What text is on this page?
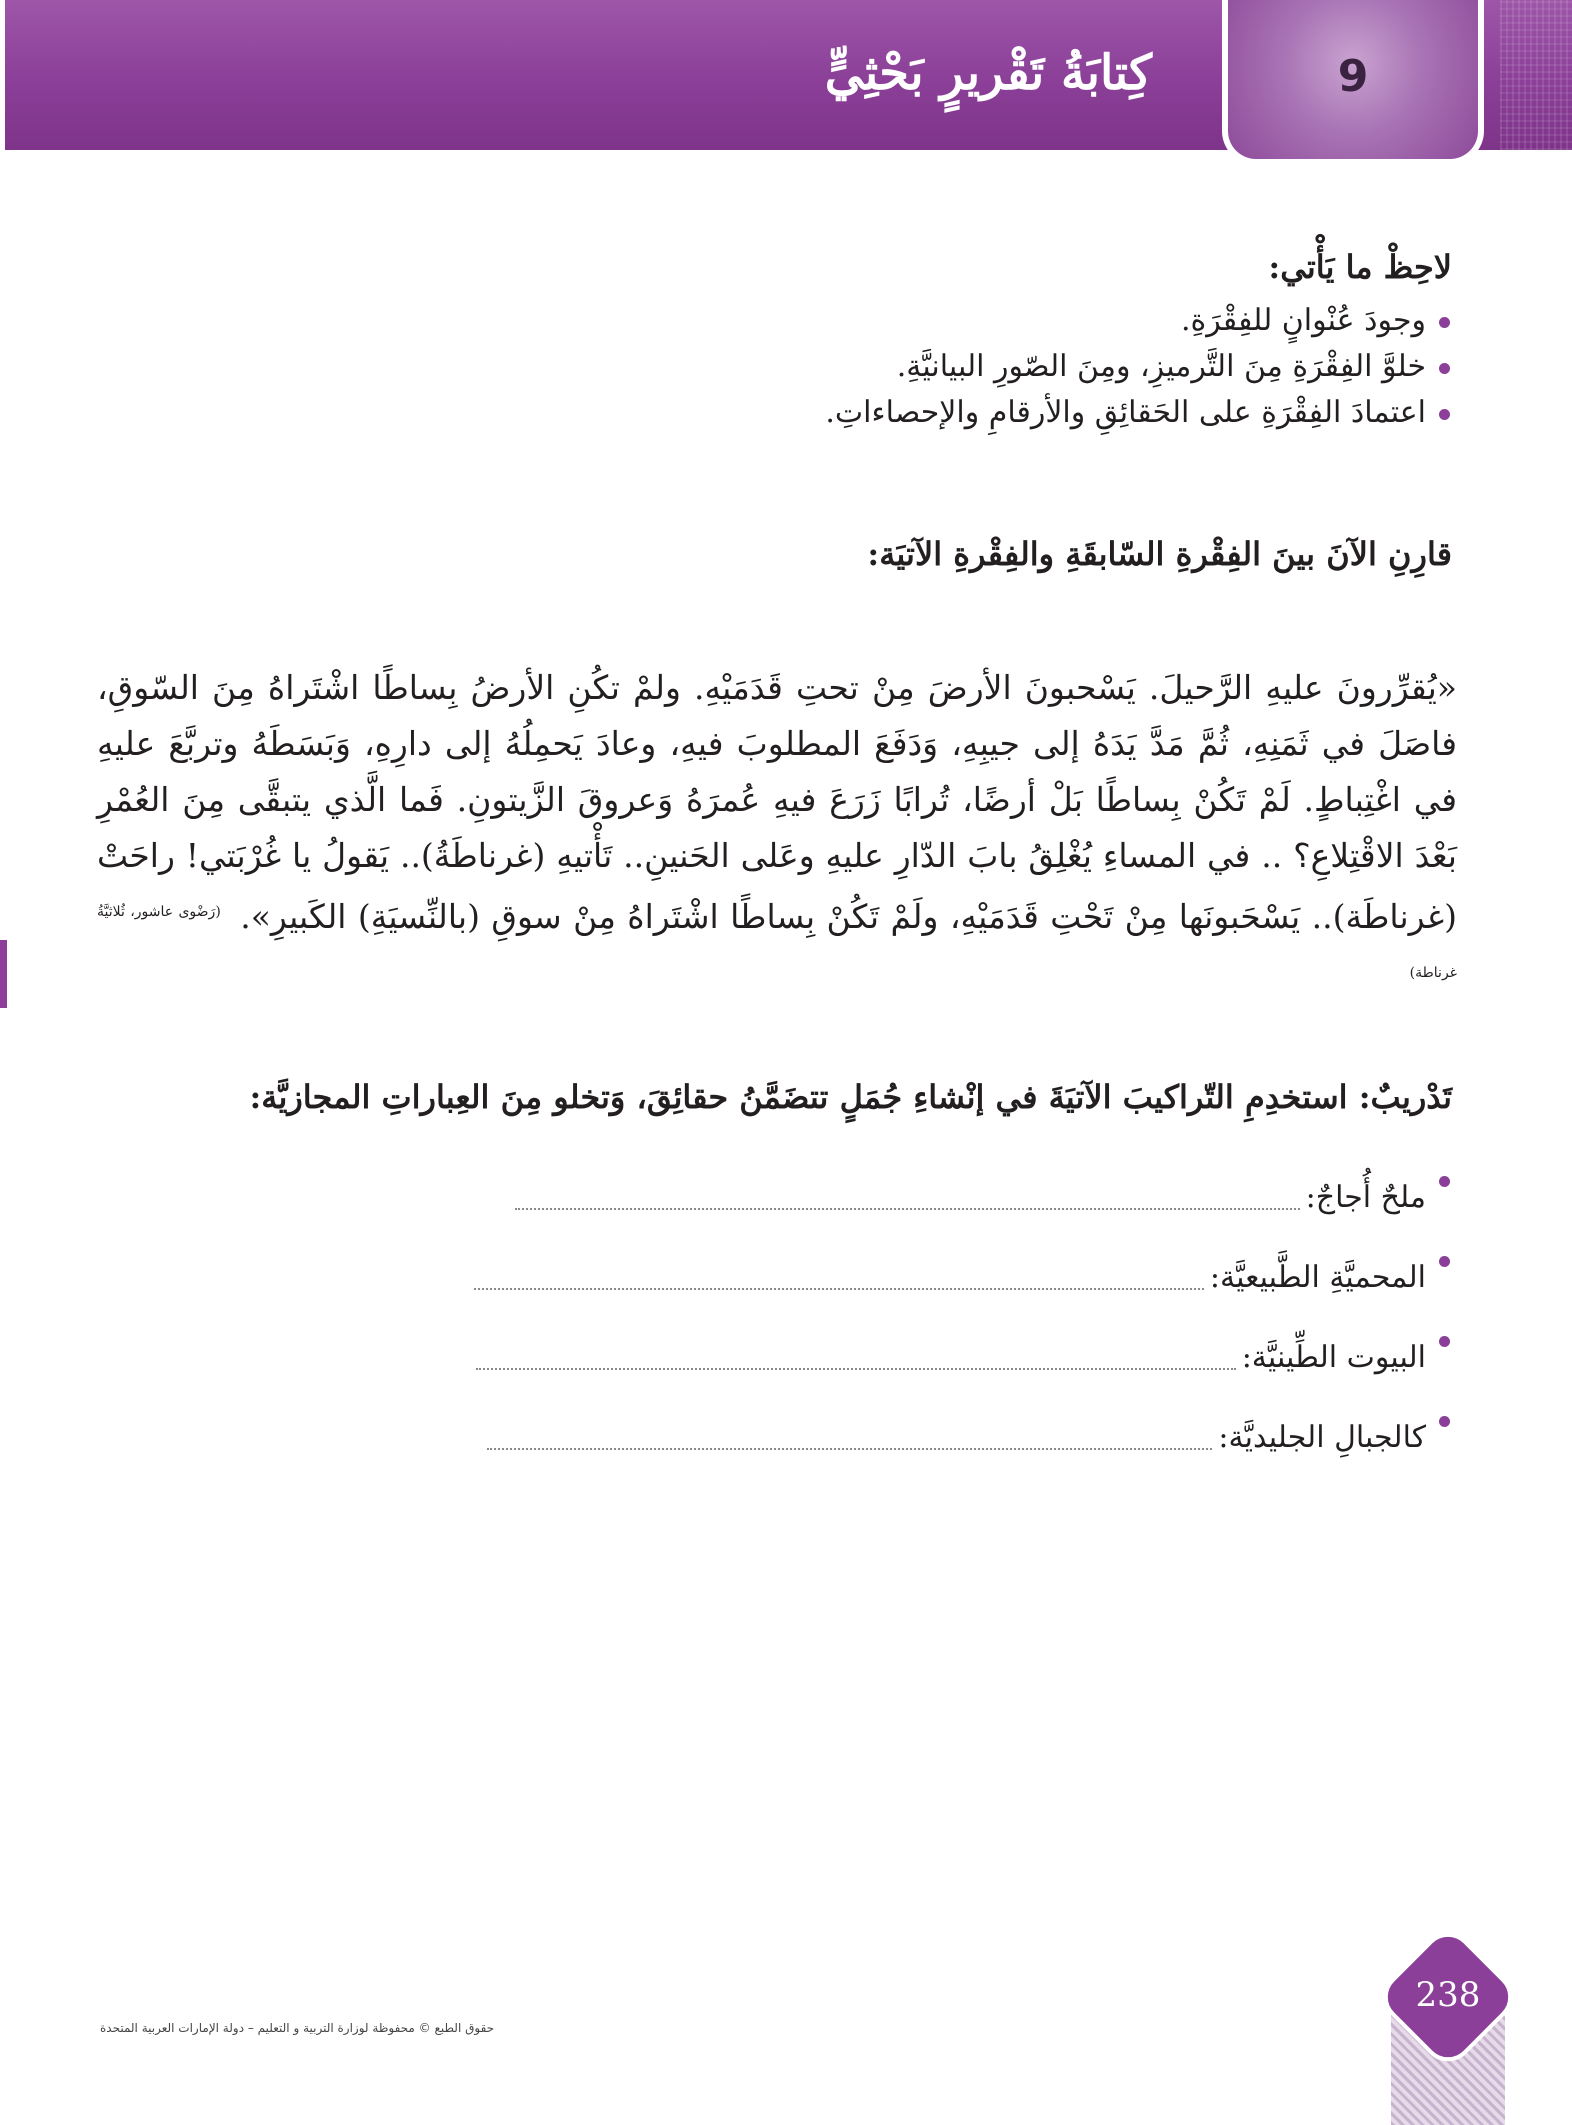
9
كِتابَةُ تَقْريرٍ بَحْثِيٍّ
لاحِظْ ما يَأْتي:
وجودَ عُنْوانٍ للفِقْرَةِ.
خلوَّ الفِقْرَةِ مِنَ التَّرميزِ، ومِنَ الصّورِ البيانيَّةِ.
اعتمادَ الفِقْرَةِ على الحَقائِقِ والأرقامِ والإحصاءاتِ.
قارِنِ الآنَ بينَ الفِقْرةِ السّابقَةِ والفِقْرةِ الآتيَة:
«يُقرِّرونَ عليهِ الرَّحيلَ. يَسْحبونَ الأرضَ مِنْ تحتِ قَدَمَيْهِ. ولمْ تكُنِ الأرضُ بِساطًا اشْتَراهُ مِنَ السّوقِ، فاصَلَ في ثَمَنِهِ، ثُمَّ مَدَّ يَدَهُ إلى جيبِهِ، وَدَفَعَ المطلوبَ فيهِ، وعادَ يَحمِلُهُ إلى دارِهِ، وَبَسَطَهُ وتربَّعَ عليهِ في اغْتِباطٍ. لَمْ تَكُنْ بِساطًا بَلْ أرضًا، تُرابًا زَرَعَ فيهِ عُمرَهُ وَعروقَ الزَّيتونِ. فَما الَّذي يتبقَّى مِنَ العُمْرِ بَعْدَ الاقْتِلاعِ؟ .. في المساءِ يُغْلِقُ بابَ الدّارِ عليهِ وعَلى الحَنينِ.. تَأْتيهِ (غرناطَةُ).. يَقولُ يا غُرْبَتي! راحَتْ (غرناطَة).. يَسْحَبونَها مِنْ تَحْتِ قَدَمَيْهِ، ولَمْ تَكُنْ بِساطًا اشْتَراهُ مِنْ سوقِ (بالنِّسيَةِ) الكَبيرِ». $^{(رَضْوى عاشور، ثُلاثيَّةُ غرناطة)}$
تَدْريبٌ: استخدِمِ التّراكيبَ الآتيَةَ في إنْشاءِ جُمَلٍ تتضَمَّنُ حقائِقَ، وَتخلو مِنَ العِباراتِ المجازيَّة:
ملحٌ أُجاجٌ:
المحميَّةِ الطَّبيعيَّة:
البيوت الطِّينيَّة:
كالجبالِ الجليديَّة:
حقوق الطبع © محفوظة لوزارة التربية و التعليم – دولة الإمارات العربية المتحدة
238
